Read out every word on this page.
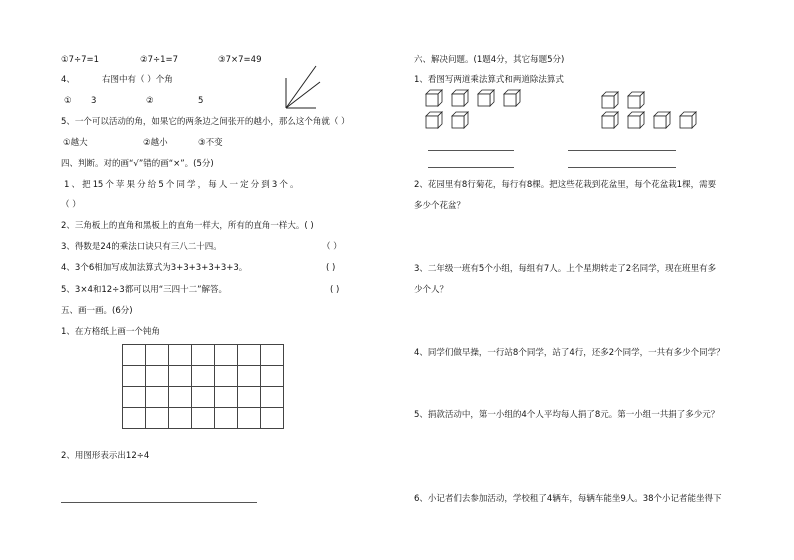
①7÷7=1	②7÷1=7	③7×7=49
4、	右图中有（ ）个角
① 3	②	5
5、一个可以活动的角，如果它的两条边之间张开的越小，那么这个角就（ ）
①越大	②越小	③不变
四、判断。对的画“√”错的画“×”。(5分)
1 、 把 15 个 苹 果 分 给 5 个 同 学 ， 每 人 一 定 分 到 3 个 。
（ ）
2、三角板上的直角和黑板上的直角一样大，所有的直角一样大。( )
3、得数是24的乘法口诀只有三八二十四。	（ ）
4、3个6相加写成加法算式为3+3+3+3+3+3。	( )
5、3×4和12÷3都可以用“三四十二”解答。	( )
五、画一画。(6分)
1、在方格纸上画一个钝角

2、用图形表示出12÷4
六、解决问题。(1题4分，其它每题5分)
1、看图写两道乘法算式和两道除法算式
2、花园里有8行菊花，每行有8棵。把这些花栽到花盆里，每个花盆栽1棵，需要
多少个花盆？
3、二年级一班有5个小组，每组有7人。上个星期转走了2名同学，现在班里有多
少个人？
4、同学们做早操，一行站8个同学，站了4行，还多2个同学，一共有多少个同学？
5、捐款活动中，第一小组的4个人平均每人捐了8元。第一小组一共捐了多少元？
6、小记者们去参加活动，学校租了4辆车，每辆车能坐9人。38个小记者能坐得下
